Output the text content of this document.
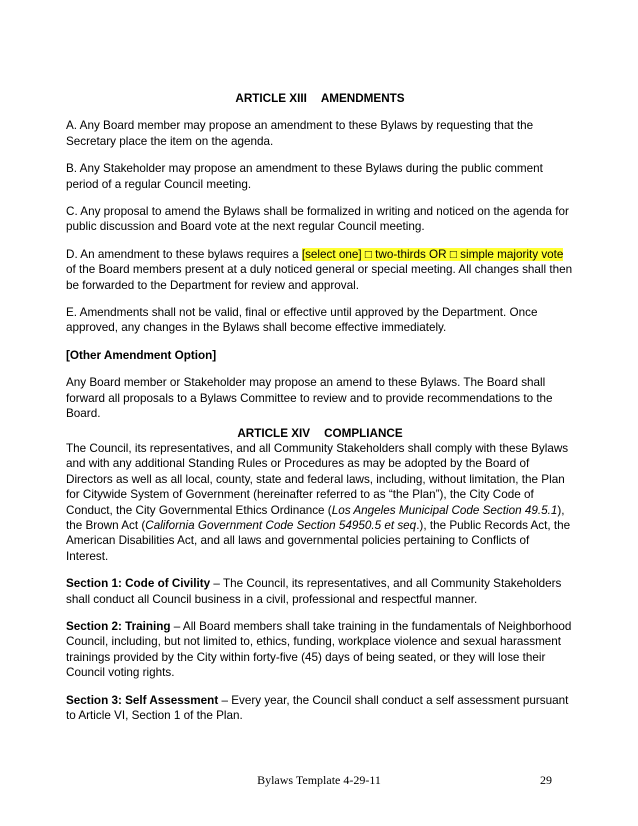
ARTICLE XIII AMENDMENTS

A. Any Board member may propose an amendment to these Bylaws by requesting that the Secretary place the item on the agenda.

B. Any Stakeholder may propose an amendment to these Bylaws during the public comment period of a regular Council meeting.

C. Any proposal to amend the Bylaws shall be formalized in writing and noticed on the agenda for public discussion and Board vote at the next regular Council meeting.

D. An amendment to these bylaws requires a [select one] □ two-thirds OR □ simple majority vote of the Board members present at a duly noticed general or special meeting. All changes shall then be forwarded to the Department for review and approval.

E. Amendments shall not be valid, final or effective until approved by the Department. Once approved, any changes in the Bylaws shall become effective immediately.

[Other Amendment Option]

Any Board member or Stakeholder may propose an amend to these Bylaws. The Board shall forward all proposals to a Bylaws Committee to review and to provide recommendations to the Board.

ARTICLE XIV COMPLIANCE

The Council, its representatives, and all Community Stakeholders shall comply with these Bylaws and with any additional Standing Rules or Procedures as may be adopted by the Board of Directors as well as all local, county, state and federal laws, including, without limitation, the Plan for Citywide System of Government (hereinafter referred to as “the Plan”), the City Code of Conduct, the City Governmental Ethics Ordinance (Los Angeles Municipal Code Section 49.5.1), the Brown Act (California Government Code Section 54950.5 et seq.), the Public Records Act, the American Disabilities Act, and all laws and governmental policies pertaining to Conflicts of Interest.

Section 1: Code of Civility – The Council, its representatives, and all Community Stakeholders shall conduct all Council business in a civil, professional and respectful manner.

Section 2: Training – All Board members shall take training in the fundamentals of Neighborhood Council, including, but not limited to, ethics, funding, workplace violence and sexual harassment trainings provided by the City within forty-five (45) days of being seated, or they will lose their Council voting rights.

Section 3: Self Assessment – Every year, the Council shall conduct a self assessment pursuant to Article VI, Section 1 of the Plan.

Bylaws Template 4-29-11	29
